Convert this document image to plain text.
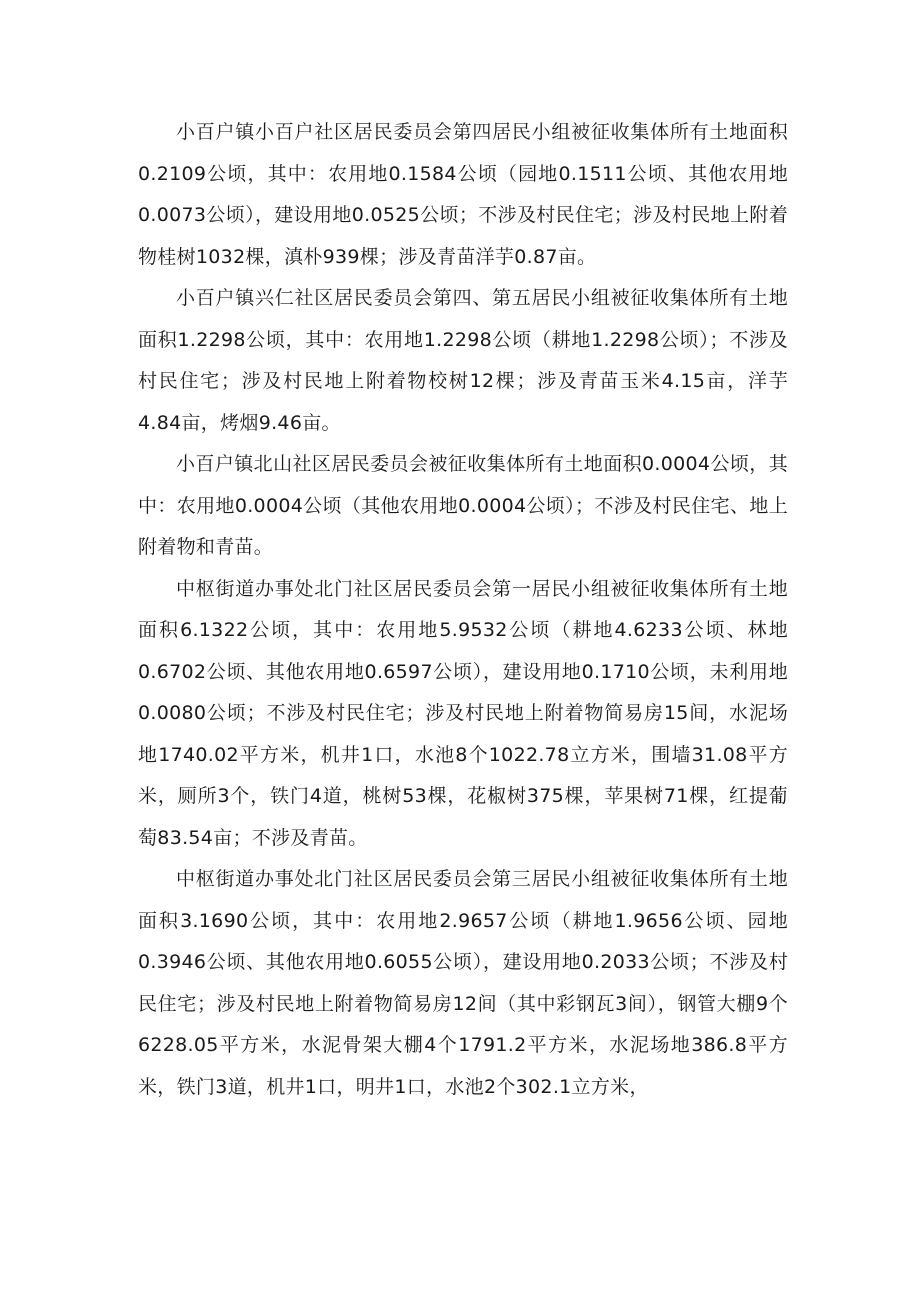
小百户镇小百户社区居民委员会第四居民小组被征收集体所有土地面积0.2109公顷，其中：农用地0.1584公顷（园地0.1511公顷、其他农用地0.0073公顷），建设用地0.0525公顷；不涉及村民住宅；涉及村民地上附着物桂树1032棵，滇朴939棵；涉及青苗洋芋0.87亩。

小百户镇兴仁社区居民委员会第四、第五居民小组被征收集体所有土地面积1.2298公顷，其中：农用地1.2298公顷（耕地1.2298公顷）；不涉及村民住宅；涉及村民地上附着物校树12棵；涉及青苗玉米4.15亩，洋芋4.84亩，烤烟9.46亩。

小百户镇北山社区居民委员会被征收集体所有土地面积0.0004公顷，其中：农用地0.0004公顷（其他农用地0.0004公顷）；不涉及村民住宅、地上附着物和青苗。

中枢街道办事处北门社区居民委员会第一居民小组被征收集体所有土地面积6.1322公顷，其中：农用地5.9532公顷（耕地4.6233公顷、林地0.6702公顷、其他农用地0.6597公顷），建设用地0.1710公顷，未利用地0.0080公顷；不涉及村民住宅；涉及村民地上附着物简易房15间，水泥场地1740.02平方米，机井1口，水池8个1022.78立方米，围墙31.08平方米，厕所3个，铁门4道，桃树53棵，花椒树375棵，苹果树71棵，红提葡萄83.54亩；不涉及青苗。

中枢街道办事处北门社区居民委员会第三居民小组被征收集体所有土地面积3.1690公顷，其中：农用地2.9657公顷（耕地1.9656公顷、园地0.3946公顷、其他农用地0.6055公顷），建设用地0.2033公顷；不涉及村民住宅；涉及村民地上附着物简易房12间（其中彩钢瓦3间），钢管大棚9个6228.05平方米，水泥骨架大棚4个1791.2平方米，水泥场地386.8平方米，铁门3道，机井1口，明井1口，水池2个302.1立方米，
